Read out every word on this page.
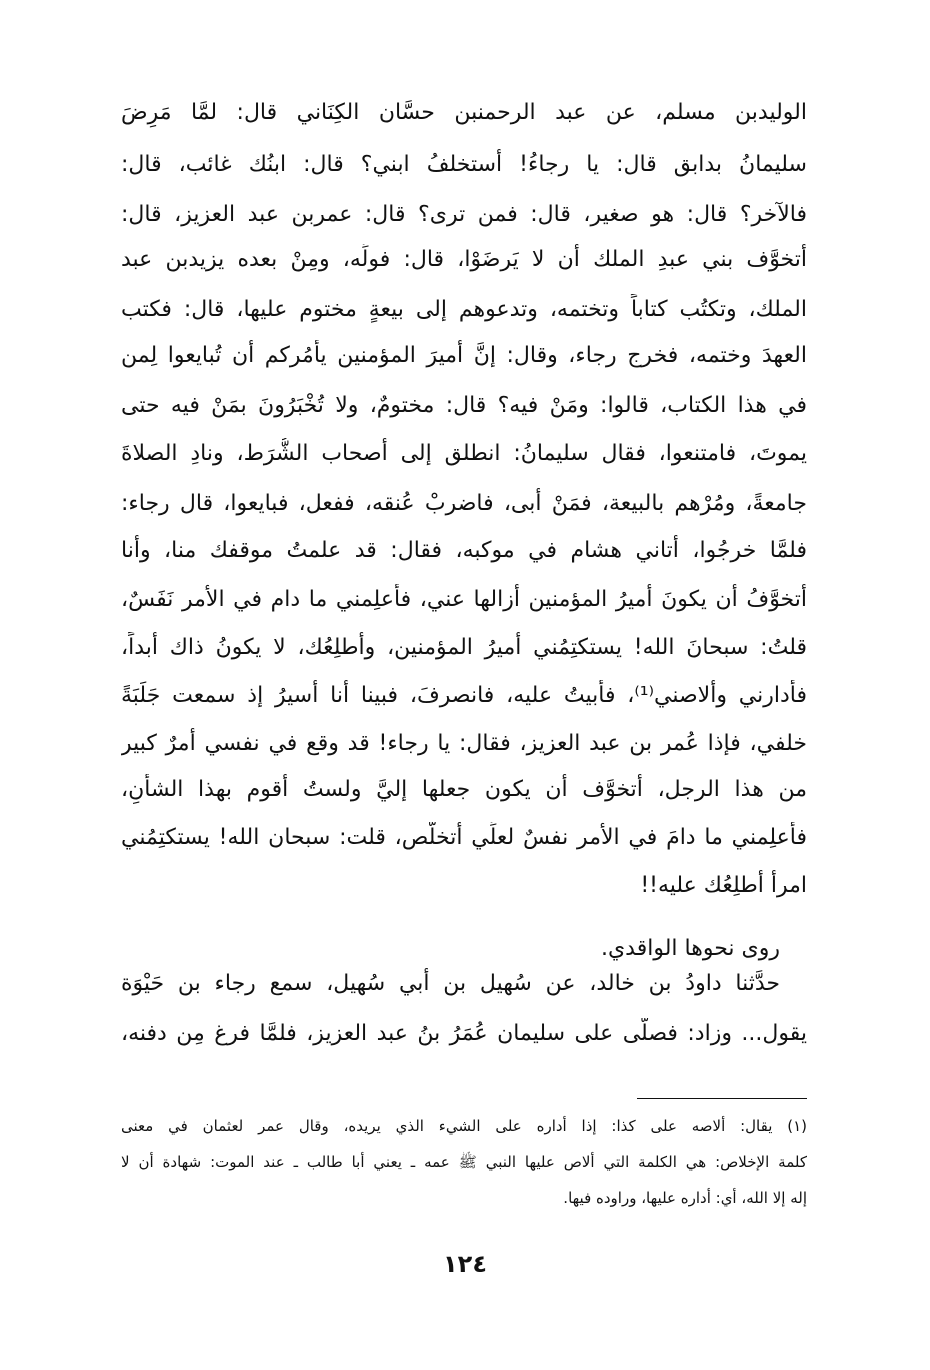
الوليدبن مسلم، عن عبد الرحمنبن حسَّان الكِنَاني قال: لمَّا مَرِضَ
سليمانُ بدابق قال: يا رجاءُ! أستخلفُ ابني؟ قال: ابنُك غائب، قال:
فالآخر؟ قال: هو صغير، قال: فمن ترى؟ قال: عمربن عبد العزيز، قال:
أتخوَّف بني عبدِ الملك أن لا يَرضَوْا، قال: فولِّه، ومِنْ بعده يزيدبن عبد
الملك، وتكتُب كتاباً وتختمه، وتدعوهم إلى بيعةٍ مختوم عليها، قال: فكتب
العهدَ وختمه، فخرج رجاء، وقال: إنَّ أميرَ المؤمنين يأمُركم أن تُبايعوا لِمن
في هذا الكتاب، قالوا: ومَنْ فيه؟ قال: مختومٌ، ولا تُخْبَرُونَ بمَنْ فيه حتى
يموتَ، فامتنعوا، فقال سليمانُ: انطلق إلى أصحاب الشُّرَط، ونادِ الصلاةَ
جامعةً، ومُرْهم بالبيعة، فمَنْ أبى، فاضربْ عُنقه، ففعل، فبايعوا، قال رجاء:
فلمَّا خرجُوا، أتاني هشام في موكبه، فقال: قد علمتُ موقفك منا، وأنا
أتخوَّفُ أن يكونَ أميرُ المؤمنين أزالها عني، فأعلِمني ما دام في الأمر نَفَسٌ،
قلتُ: سبحانَ الله! يستكتِمُني أميرُ المؤمنين، وأُطلِعُك، لا يكونُ ذاك أبداً،
فأدارني وألاصني⁽¹⁾، فأبيتُ عليه، فانصرفَ، فبينا أنا أسيرُ إذ سمعت جَلَبَةً
خلفي، فإذا عُمر بن عبد العزيز، فقال: يا رجاء! قد وقع في نفسي أمرٌ كبير
من هذا الرجل، أتخوَّف أن يكون جعلها إليَّ ولستُ أقوم بهذا الشأنِ،
فأعلِمني ما دامَ في الأمر نفسٌ لعلِّي أتخلَّص، قلت: سبحان الله! يستكتِمُني
امرأً أُطلِعُك عليه!!
روى نحوها الواقدي.
حدَّثنا داودُ بن خالد، عن سُهيل بن أبي سُهيل، سمع رجاء بن حَيْوَة
يقول... وزاد: فصلَّى على سليمان عُمَرُ بنُ عبد العزيز، فلمَّا فرغ مِن دفنه،
(١) يقال: ألاصه على كذا: إذا أداره على الشيء الذي يريده، وقال عمر لعثمان في معنى
كلمة الإخلاص: هي الكلمة التي ألاص عليها النبي ﷺ عمه ـ يعني أبا طالب ـ عند الموت: شهادة أن لا
إله إلا الله، أي: أداره عليها، وراوده فيها.
١٢٤
